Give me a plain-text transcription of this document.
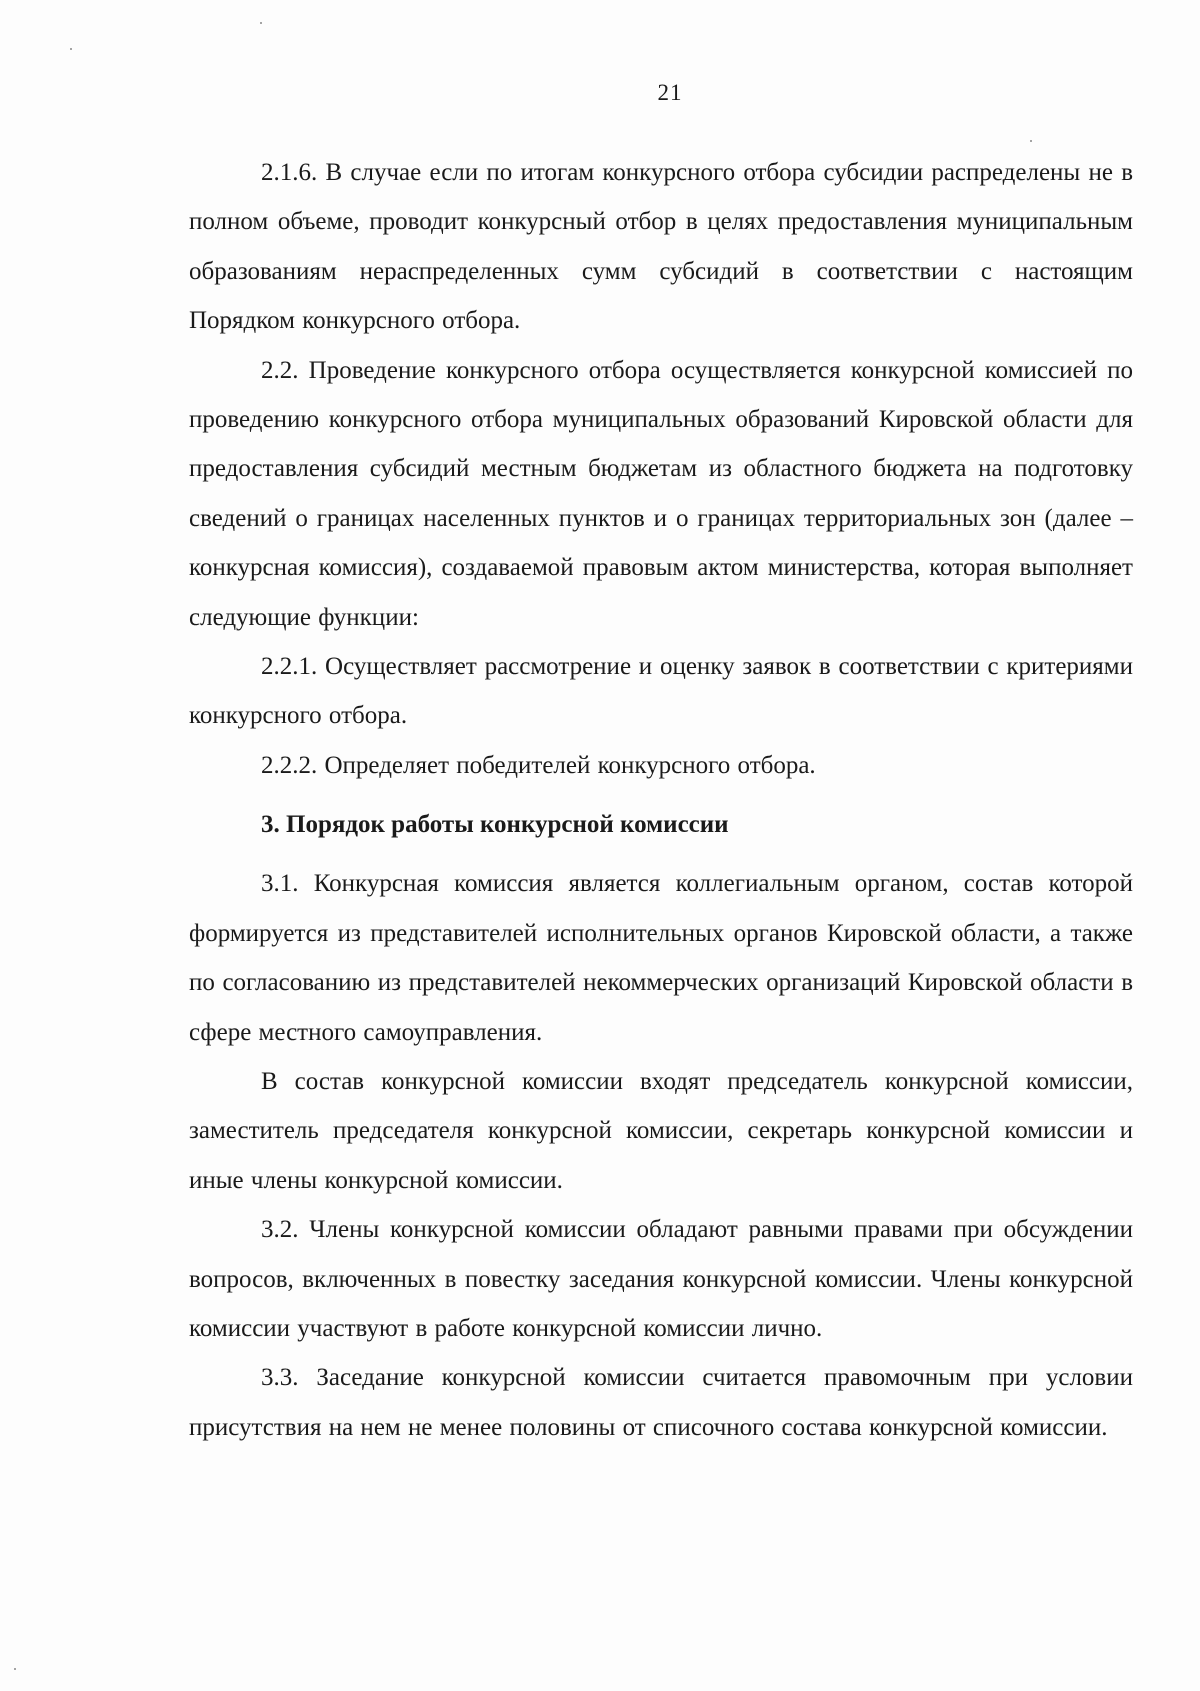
21

2.1.6. В случае если по итогам конкурсного отбора субсидии распределены не в полном объеме, проводит конкурсный отбор в целях предоставления муниципальным образованиям нераспределенных сумм субсидий в соответствии с настоящим Порядком конкурсного отбора.

2.2. Проведение конкурсного отбора осуществляется конкурсной комиссией по проведению конкурсного отбора муниципальных образований Кировской области для предоставления субсидий местным бюджетам из областного бюджета на подготовку сведений о границах населенных пунктов и о границах территориальных зон (далее – конкурсная комиссия), создаваемой правовым актом министерства, которая выполняет следующие функции:

2.2.1. Осуществляет рассмотрение и оценку заявок в соответствии с критериями конкурсного отбора.

2.2.2. Определяет победителей конкурсного отбора.

3. Порядок работы конкурсной комиссии

3.1. Конкурсная комиссия является коллегиальным органом, состав которой формируется из представителей исполнительных органов Кировской области, а также по согласованию из представителей некоммерческих организаций Кировской области в сфере местного самоуправления.

В состав конкурсной комиссии входят председатель конкурсной комиссии, заместитель председателя конкурсной комиссии, секретарь конкурсной комиссии и иные члены конкурсной комиссии.

3.2. Члены конкурсной комиссии обладают равными правами при обсуждении вопросов, включенных в повестку заседания конкурсной комиссии. Члены конкурсной комиссии участвуют в работе конкурсной комиссии лично.

3.3. Заседание конкурсной комиссии считается правомочным при условии присутствия на нем не менее половины от списочного состава конкурсной комиссии.
